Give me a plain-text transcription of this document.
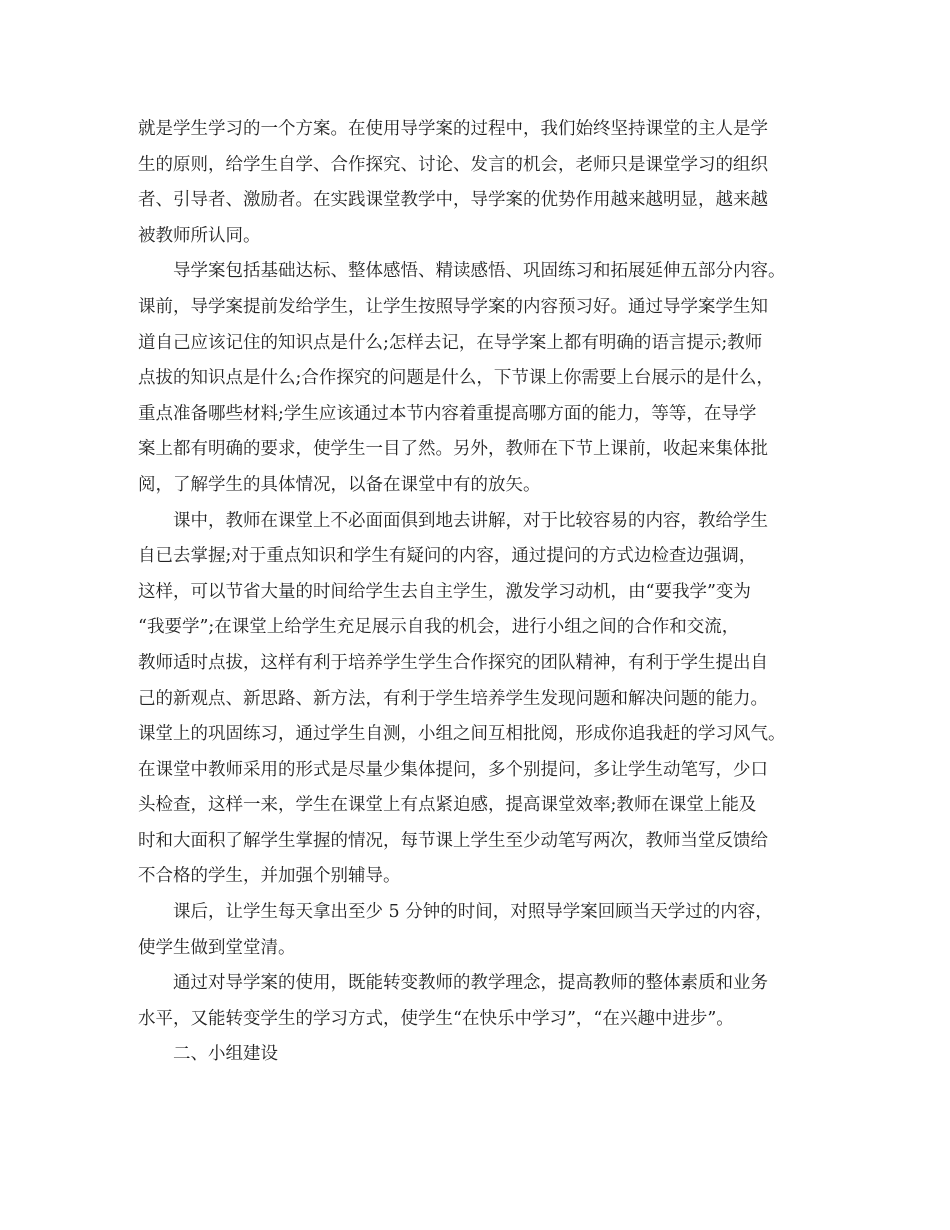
就是学生学习的一个方案。在使用导学案的过程中，我们始终坚持课堂的主人是学
生的原则，给学生自学、合作探究、讨论、发言的机会，老师只是课堂学习的组织
者、引导者、激励者。在实践课堂教学中，导学案的优势作用越来越明显，越来越
被教师所认同。
导学案包括基础达标、整体感悟、精读感悟、巩固练习和拓展延伸五部分内容。
课前，导学案提前发给学生，让学生按照导学案的内容预习好。通过导学案学生知
道自己应该记住的知识点是什么;怎样去记，在导学案上都有明确的语言提示;教师
点拔的知识点是什么;合作探究的问题是什么，下节课上你需要上台展示的是什么，
重点准备哪些材料;学生应该通过本节内容着重提高哪方面的能力，等等，在导学
案上都有明确的要求，使学生一目了然。另外，教师在下节上课前，收起来集体批
阅，了解学生的具体情况，以备在课堂中有的放矢。
课中，教师在课堂上不必面面俱到地去讲解，对于比较容易的内容，教给学生
自已去掌握;对于重点知识和学生有疑问的内容，通过提问的方式边检查边强调，
这样，可以节省大量的时间给学生去自主学生，激发学习动机，由“要我学”变为
“我要学”;在课堂上给学生充足展示自我的机会，进行小组之间的合作和交流，
教师适时点拔，这样有利于培养学生学生合作探究的团队精神，有利于学生提出自
己的新观点、新思路、新方法，有利于学生培养学生发现问题和解决问题的能力。
课堂上的巩固练习，通过学生自测，小组之间互相批阅，形成你追我赶的学习风气。
在课堂中教师采用的形式是尽量少集体提问，多个别提问，多让学生动笔写，少口
头检查，这样一来，学生在课堂上有点紧迫感，提高课堂效率;教师在课堂上能及
时和大面积了解学生掌握的情况，每节课上学生至少动笔写两次，教师当堂反馈给
不合格的学生，并加强个别辅导。
课后，让学生每天拿出至少 5 分钟的时间，对照导学案回顾当天学过的内容，
使学生做到堂堂清。
通过对导学案的使用，既能转变教师的教学理念，提高教师的整体素质和业务
水平，又能转变学生的学习方式，使学生“在快乐中学习”，“在兴趣中进步”。
二、小组建设
